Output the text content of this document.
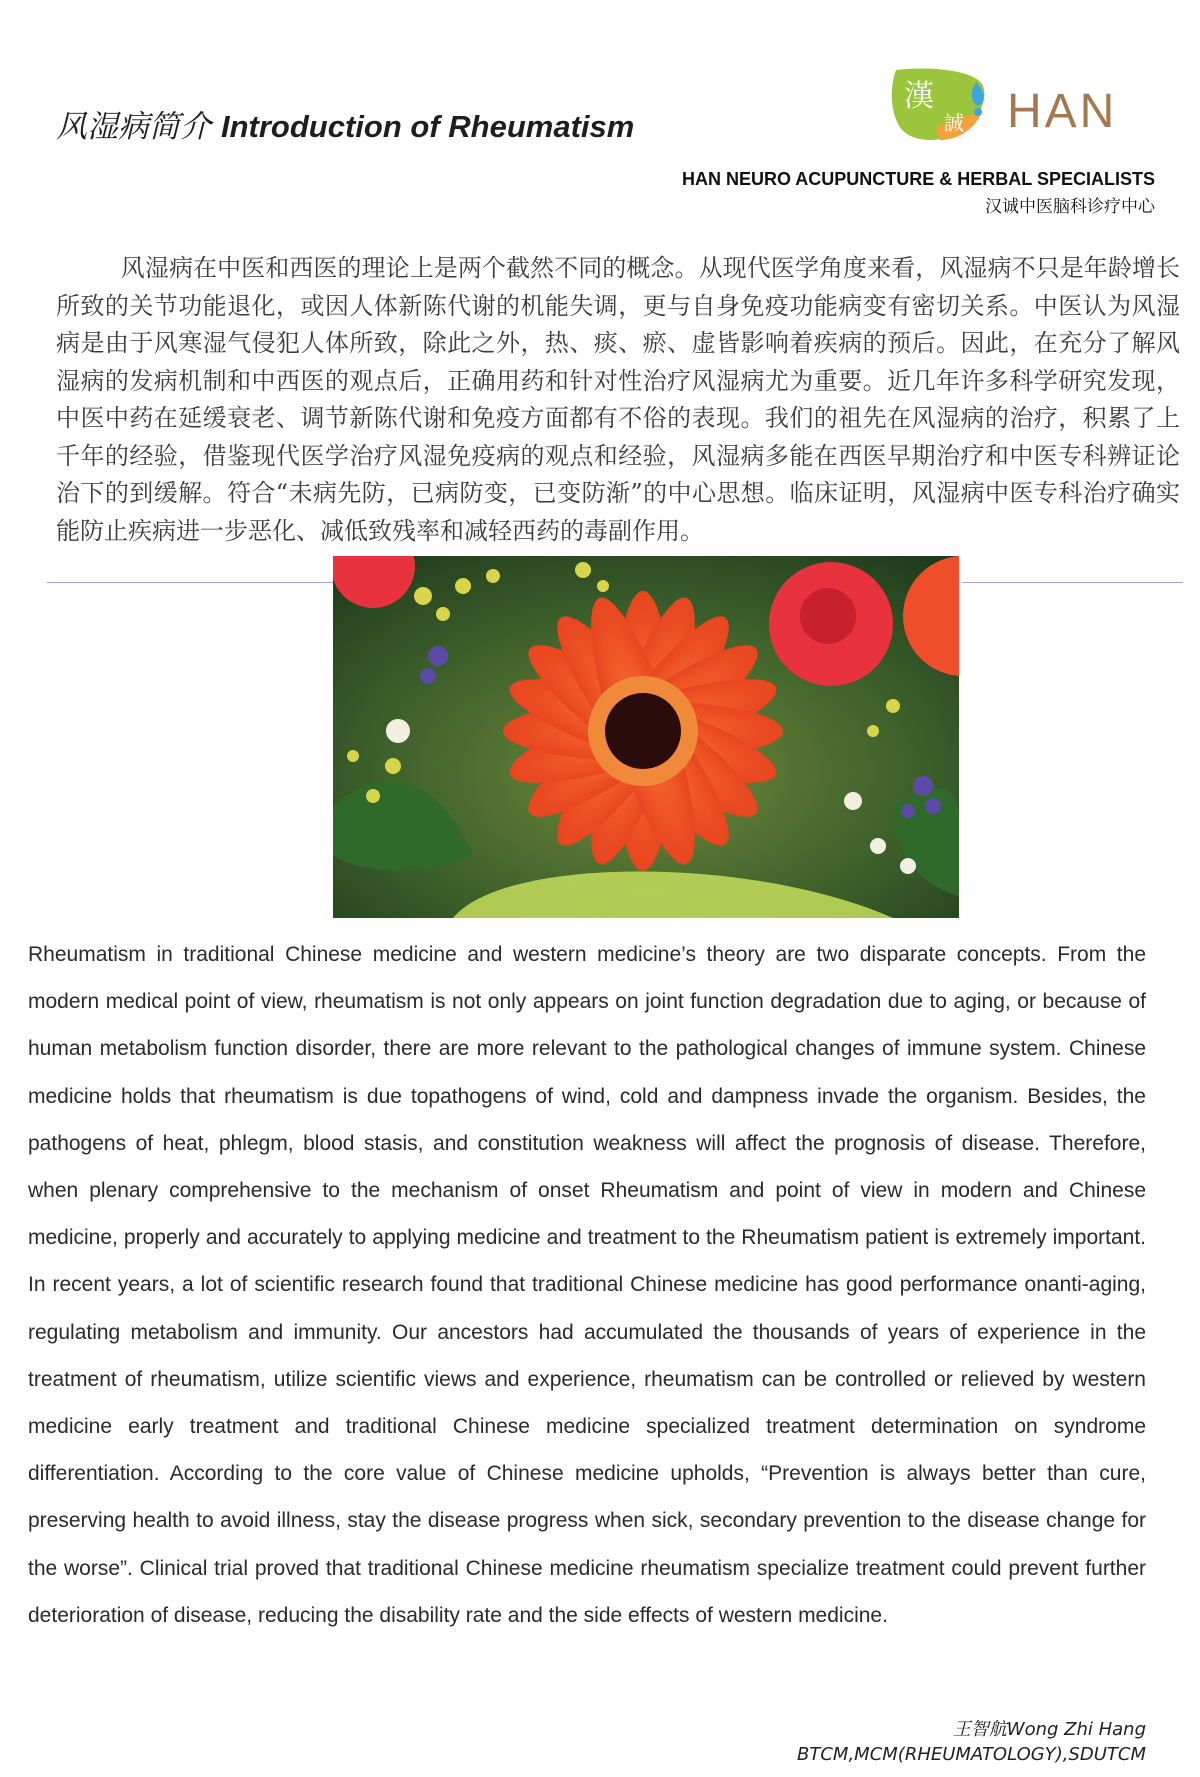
风湿病简介 Introduction of Rheumatism
漢
誠 HAN
HAN NEURO ACUPUNCTURE & HERBAL SPECIALISTS
汉诚中医脑科诊疗中心

风湿病在中医和西医的理论上是两个截然不同的概念。从现代医学角度来看，风湿病不只是年龄增长所致的关节功能退化，或因人体新陈代谢的机能失调，更与自身免疫功能病变有密切关系。中医认为风湿病是由于风寒湿气侵犯人体所致，除此之外，热、痰、瘀、虚皆影响着疾病的预后。因此，在充分了解风湿病的发病机制和中西医的观点后，正确用药和针对性治疗风湿病尤为重要。近几年许多科学研究发现，中医中药在延缓衰老、调节新陈代谢和免疫方面都有不俗的表现。我们的祖先在风湿病的治疗，积累了上千年的经验，借鉴现代医学治疗风湿免疫病的观点和经验，风湿病多能在西医早期治疗和中医专科辨证论治下的到缓解。符合“未病先防，已病防变，已变防渐”的中心思想。临床证明，风湿病中医专科治疗确实能防止疾病进一步恶化、减低致残率和减轻西药的毒副作用。

Rheumatism in traditional Chinese medicine and western medicine’s theory are two disparate concepts. From the modern medical point of view, rheumatism is not only appears on joint function degradation due to aging, or because of human metabolism function disorder, there are more relevant to the pathological changes of immune system. Chinese medicine holds that rheumatism is due topathogens of wind, cold and dampness invade the organism. Besides, the pathogens of heat, phlegm, blood stasis, and constitution weakness will affect the prognosis of disease. Therefore, when plenary comprehensive to the mechanism of onset Rheumatism and point of view in modern and Chinese medicine, properly and accurately to applying medicine and treatment to the Rheumatism patient is extremely important. In recent years, a lot of scientific research found that traditional Chinese medicine has good performance onanti-aging, regulating metabolism and immunity. Our ancestors had accumulated the thousands of years of experience in the treatment of rheumatism, utilize scientific views and experience, rheumatism can be controlled or relieved by western medicine early treatment and traditional Chinese medicine specialized treatment determination on syndrome differentiation. According to the core value of Chinese medicine upholds, “Prevention is always better than cure, preserving health to avoid illness, stay the disease progress when sick, secondary prevention to the disease change for the worse”. Clinical trial proved that traditional Chinese medicine rheumatism specialize treatment could prevent further deterioration of disease, reducing the disability rate and the side effects of western medicine.

王智航Wong Zhi Hang
BTCM,MCM(RHEUMATOLOGY),SDUTCM
